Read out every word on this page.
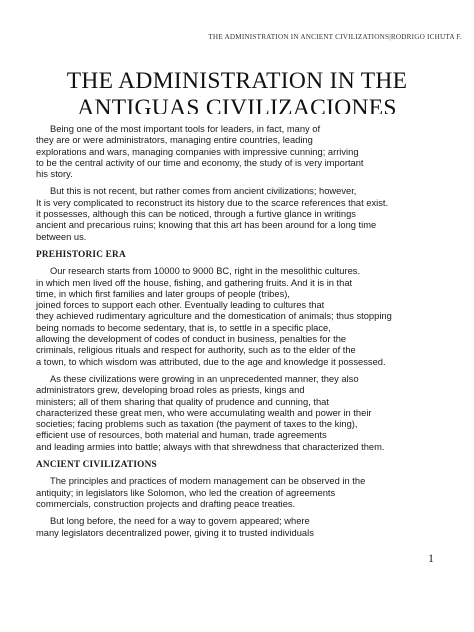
THE ADMINISTRATION IN ANCIENT CIVILIZATIONS|RODRIGO ICHUTA F.
THE ADMINISTRATION IN THE
ANTIGUAS CIVILIZACIONES
Being one of the most important tools for leaders, in fact, many of
they are or were administrators, managing entire countries, leading
explorations and wars, managing companies with impressive cunning; arriving
to be the central activity of our time and economy, the study of is very important
his story.
But this is not recent, but rather comes from ancient civilizations; however,
It is very complicated to reconstruct its history due to the scarce references that exist.
it possesses, although this can be noticed, through a furtive glance in writings
ancient and precarious ruins; knowing that this art has been around for a long time
between us.
PREHISTORIC ERA
Our research starts from 10000 to 9000 BC, right in the mesolithic cultures.
in which men lived off the house, fishing, and gathering fruits. And it is in that
time, in which first families and later groups of people (tribes),
joined forces to support each other. Eventually leading to cultures that
they achieved rudimentary agriculture and the domestication of animals; thus stopping
being nomads to become sedentary, that is, to settle in a specific place,
allowing the development of codes of conduct in business, penalties for the
criminals, religious rituals and respect for authority, such as to the elder of the
a town, to which wisdom was attributed, due to the age and knowledge it possessed.
As these civilizations were growing in an unprecedented manner, they also
administrators grew, developing broad roles as priests, kings and
ministers; all of them sharing that quality of prudence and cunning, that
characterized these great men, who were accumulating wealth and power in their
societies; facing problems such as taxation (the payment of taxes to the king),
efficient use of resources, both material and human, trade agreements
and leading armies into battle; always with that shrewdness that characterized them.
ANCIENT CIVILIZATIONS
The principles and practices of modern management can be observed in the
antiquity; in legislators like Solomon, who led the creation of agreements
commercials, construction projects and drafting peace treaties.
But long before, the need for a way to govern appeared; where
many legislators decentralized power, giving it to trusted individuals
1
